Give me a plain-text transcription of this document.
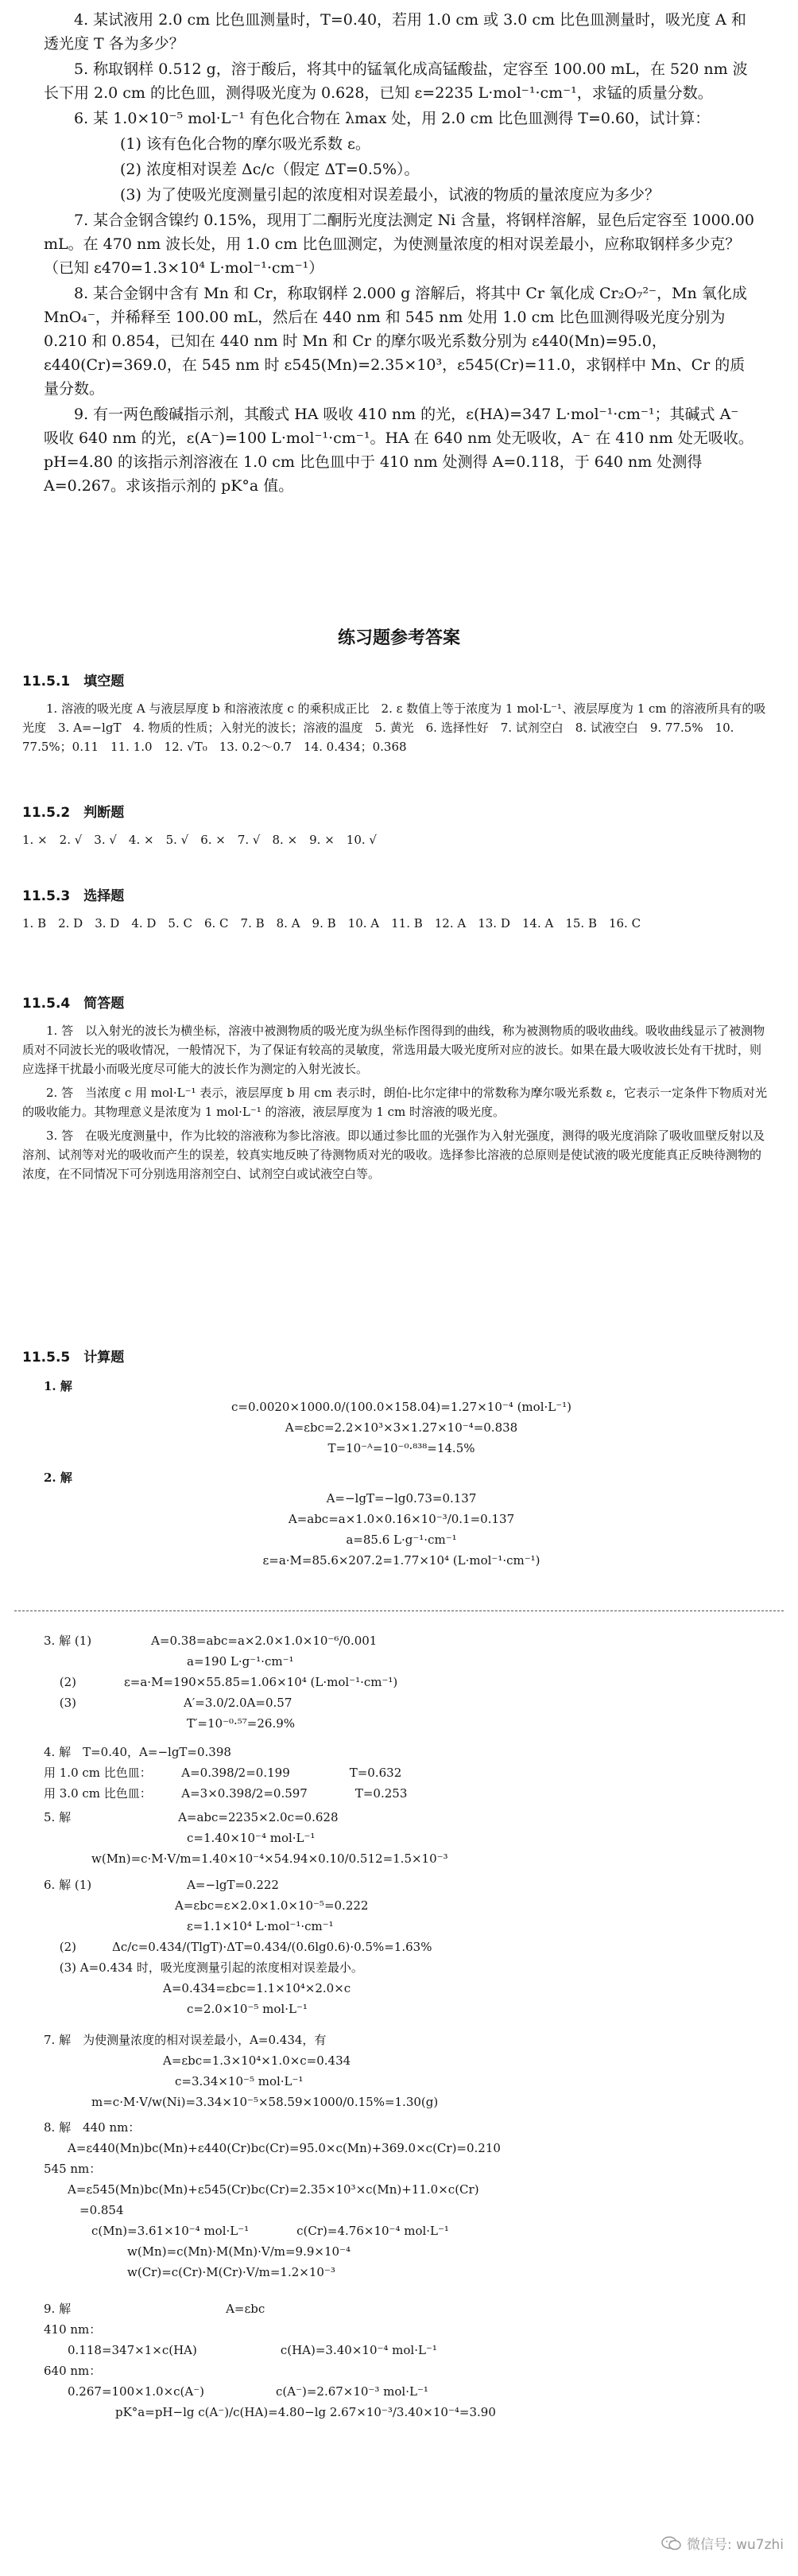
4. 某试液用 2.0 cm 比色皿测量时，T=0.40，若用 1.0 cm 或 3.0 cm 比色皿测量时，吸光度 A 和透光度 T 各为多少？

5. 称取钢样 0.512 g，溶于酸后，将其中的锰氧化成高锰酸盐，定容至 100.00 mL，在 520 nm 波长下用 2.0 cm 的比色皿，测得吸光度为 0.628，已知 ε=2235 L·mol⁻¹·cm⁻¹，求锰的质量分数。

6. 某 1.0×10⁻⁵ mol·L⁻¹ 有色化合物在 λmax 处，用 2.0 cm 比色皿测得 T=0.60，试计算：

(1) 该有色化合物的摩尔吸光系数 ε。

(2) 浓度相对误差 Δc/c（假定 ΔT=0.5%）。

(3) 为了使吸光度测量引起的浓度相对误差最小，试液的物质的量浓度应为多少？

7. 某合金钢含镍约 0.15%，现用丁二酮肟光度法测定 Ni 含量，将钢样溶解，显色后定容至 1000.00 mL。在 470 nm 波长处，用 1.0 cm 比色皿测定，为使测量浓度的相对误差最小，应称取钢样多少克？（已知 ε470=1.3×10⁴ L·mol⁻¹·cm⁻¹）

8. 某合金钢中含有 Mn 和 Cr，称取钢样 2.000 g 溶解后，将其中 Cr 氧化成 Cr₂O₇²⁻，Mn 氧化成 MnO₄⁻，并稀释至 100.00 mL，然后在 440 nm 和 545 nm 处用 1.0 cm 比色皿测得吸光度分别为 0.210 和 0.854，已知在 440 nm 时 Mn 和 Cr 的摩尔吸光系数分别为 ε440(Mn)=95.0，ε440(Cr)=369.0，在 545 nm 时 ε545(Mn)=2.35×10³，ε545(Cr)=11.0，求钢样中 Mn、Cr 的质量分数。

9. 有一两色酸碱指示剂，其酸式 HA 吸收 410 nm 的光，ε(HA)=347 L·mol⁻¹·cm⁻¹；其碱式 A⁻ 吸收 640 nm 的光，ε(A⁻)=100 L·mol⁻¹·cm⁻¹。HA 在 640 nm 处无吸收，A⁻ 在 410 nm 处无吸收。pH=4.80 的该指示剂溶液在 1.0 cm 比色皿中于 410 nm 处测得 A=0.118，于 640 nm 处测得 A=0.267。求该指示剂的 pK°a 值。

练习题参考答案
11.5.1　填空题
1. 溶液的吸光度 A 与液层厚度 b 和溶液浓度 c 的乘积成正比　2. ε 数值上等于浓度为 1 mol·L⁻¹、液层厚度为 1 cm 的溶液所具有的吸光度　3. A=−lgT　4. 物质的性质；入射光的波长；溶液的温度　5. 黄光　6. 选择性好　7. 试剂空白　8. 试液空白　9. 77.5%　10. 77.5%；0.11　11. 1.0　12. √T₀　13. 0.2～0.7　14. 0.434；0.368
11.5.2　判断题
1. ×　2. √　3. √　4. ×　5. √　6. ×　7. √　8. ×　9. ×　10. √
11.5.3　选择题
1. B　2. D　3. D　4. D　5. C　6. C　7. B　8. A　9. B　10. A　11. B　12. A　13. D　14. A　15. B　16. C
11.5.4　简答题
1. 答　以入射光的波长为横坐标，溶液中被测物质的吸光度为纵坐标作图得到的曲线，称为被测物质的吸收曲线。吸收曲线显示了被测物质对不同波长光的吸收情况，一般情况下，为了保证有较高的灵敏度，常选用最大吸光度所对应的波长。如果在最大吸收波长处有干扰时，则应选择干扰最小而吸光度尽可能大的波长作为测定的入射光波长。
2. 答　当浓度 c 用 mol·L⁻¹ 表示，液层厚度 b 用 cm 表示时，朗伯-比尔定律中的常数称为摩尔吸光系数 ε，它表示一定条件下物质对光的吸收能力。其物理意义是浓度为 1 mol·L⁻¹ 的溶液，液层厚度为 1 cm 时溶液的吸光度。
3. 答　在吸光度测量中，作为比较的溶液称为参比溶液。即以通过参比皿的光强作为入射光强度，测得的吸光度消除了吸收皿壁反射以及溶剂、试剂等对光的吸收而产生的误差，较真实地反映了待测物质对光的吸收。选择参比溶液的总原则是使试液的吸光度能真正反映待测物的浓度，在不同情况下可分别选用溶剂空白、试剂空白或试液空白等。
11.5.5　计算题
1. 解
c=0.0020×1000.0/(100.0×158.04)=1.27×10⁻⁴ (mol·L⁻¹)
A=εbc=2.2×10³×3×1.27×10⁻⁴=0.838
T=10⁻ᴬ=10⁻⁰·⁸³⁸=14.5%
2. 解
A=−lgT=−lg0.73=0.137
A=abc=a×1.0×0.16×10⁻³/0.1=0.137
a=85.6 L·g⁻¹·cm⁻¹
ε=a·M=85.6×207.2=1.77×10⁴ (L·mol⁻¹·cm⁻¹)
3. 解 (1)　　　　　A=0.38=abc=a×2.0×1.0×10⁻⁶/0.001
　　　　　　　　　　　　a=190 L·g⁻¹·cm⁻¹
　 (2)　　　　ε=a·M=190×55.85=1.06×10⁴ (L·mol⁻¹·cm⁻¹)
　 (3)　　　　　　　　　A′=3.0/2.0A=0.57
　　　　　　　　　　　　T′=10⁻⁰·⁵⁷=26.9%
4. 解　T=0.40，A=−lgT=0.398
用 1.0 cm 比色皿：　　　A=0.398/2=0.199　　　　　T=0.632
用 3.0 cm 比色皿：　　　A=3×0.398/2=0.597　　　　T=0.253
5. 解　　　　　　　　　A=abc=2235×2.0c=0.628
　　　　　　　　　　　　c=1.40×10⁻⁴ mol·L⁻¹
　　　　w(Mn)=c·M·V/m=1.40×10⁻⁴×54.94×0.10/0.512=1.5×10⁻³
6. 解 (1)　　　　　　　　A=−lgT=0.222
　　　　　　　　　　　A=εbc=ε×2.0×1.0×10⁻⁵=0.222
　　　　　　　　　　　　ε=1.1×10⁴ L·mol⁻¹·cm⁻¹
　 (2)　　　Δc/c=0.434/(TlgT)·ΔT=0.434/(0.6lg0.6)·0.5%=1.63%
　 (3) A=0.434 时，吸光度测量引起的浓度相对误差最小。
　　　　　　　　　　A=0.434=εbc=1.1×10⁴×2.0×c
　　　　　　　　　　　　c=2.0×10⁻⁵ mol·L⁻¹
7. 解　为使测量浓度的相对误差最小，A=0.434，有
　　　　　　　　　　A=εbc=1.3×10⁴×1.0×c=0.434
　　　　　　　　　　　c=3.34×10⁻⁵ mol·L⁻¹
　　　　m=c·M·V/w(Ni)=3.34×10⁻⁵×58.59×1000/0.15%=1.30(g)
8. 解　440 nm：
　　A=ε440(Mn)bc(Mn)+ε440(Cr)bc(Cr)=95.0×c(Mn)+369.0×c(Cr)=0.210
545 nm：
　　A=ε545(Mn)bc(Mn)+ε545(Cr)bc(Cr)=2.35×10³×c(Mn)+11.0×c(Cr)
　　　=0.854
　　　　c(Mn)=3.61×10⁻⁴ mol·L⁻¹　　　　c(Cr)=4.76×10⁻⁴ mol·L⁻¹
　　　　　　　w(Mn)=c(Mn)·M(Mn)·V/m=9.9×10⁻⁴
　　　　　　　w(Cr)=c(Cr)·M(Cr)·V/m=1.2×10⁻³
9. 解　　　　　　　　　　　　　A=εbc
410 nm：
　　0.118=347×1×c(HA)　　　　　　　c(HA)=3.40×10⁻⁴ mol·L⁻¹
640 nm：
　　0.267=100×1.0×c(A⁻)　　　　　　c(A⁻)=2.67×10⁻³ mol·L⁻¹
　　　　　　pK°a=pH−lg c(A⁻)/c(HA)=4.80−lg 2.67×10⁻³/3.40×10⁻⁴=3.90
微信号: wu7zhi
